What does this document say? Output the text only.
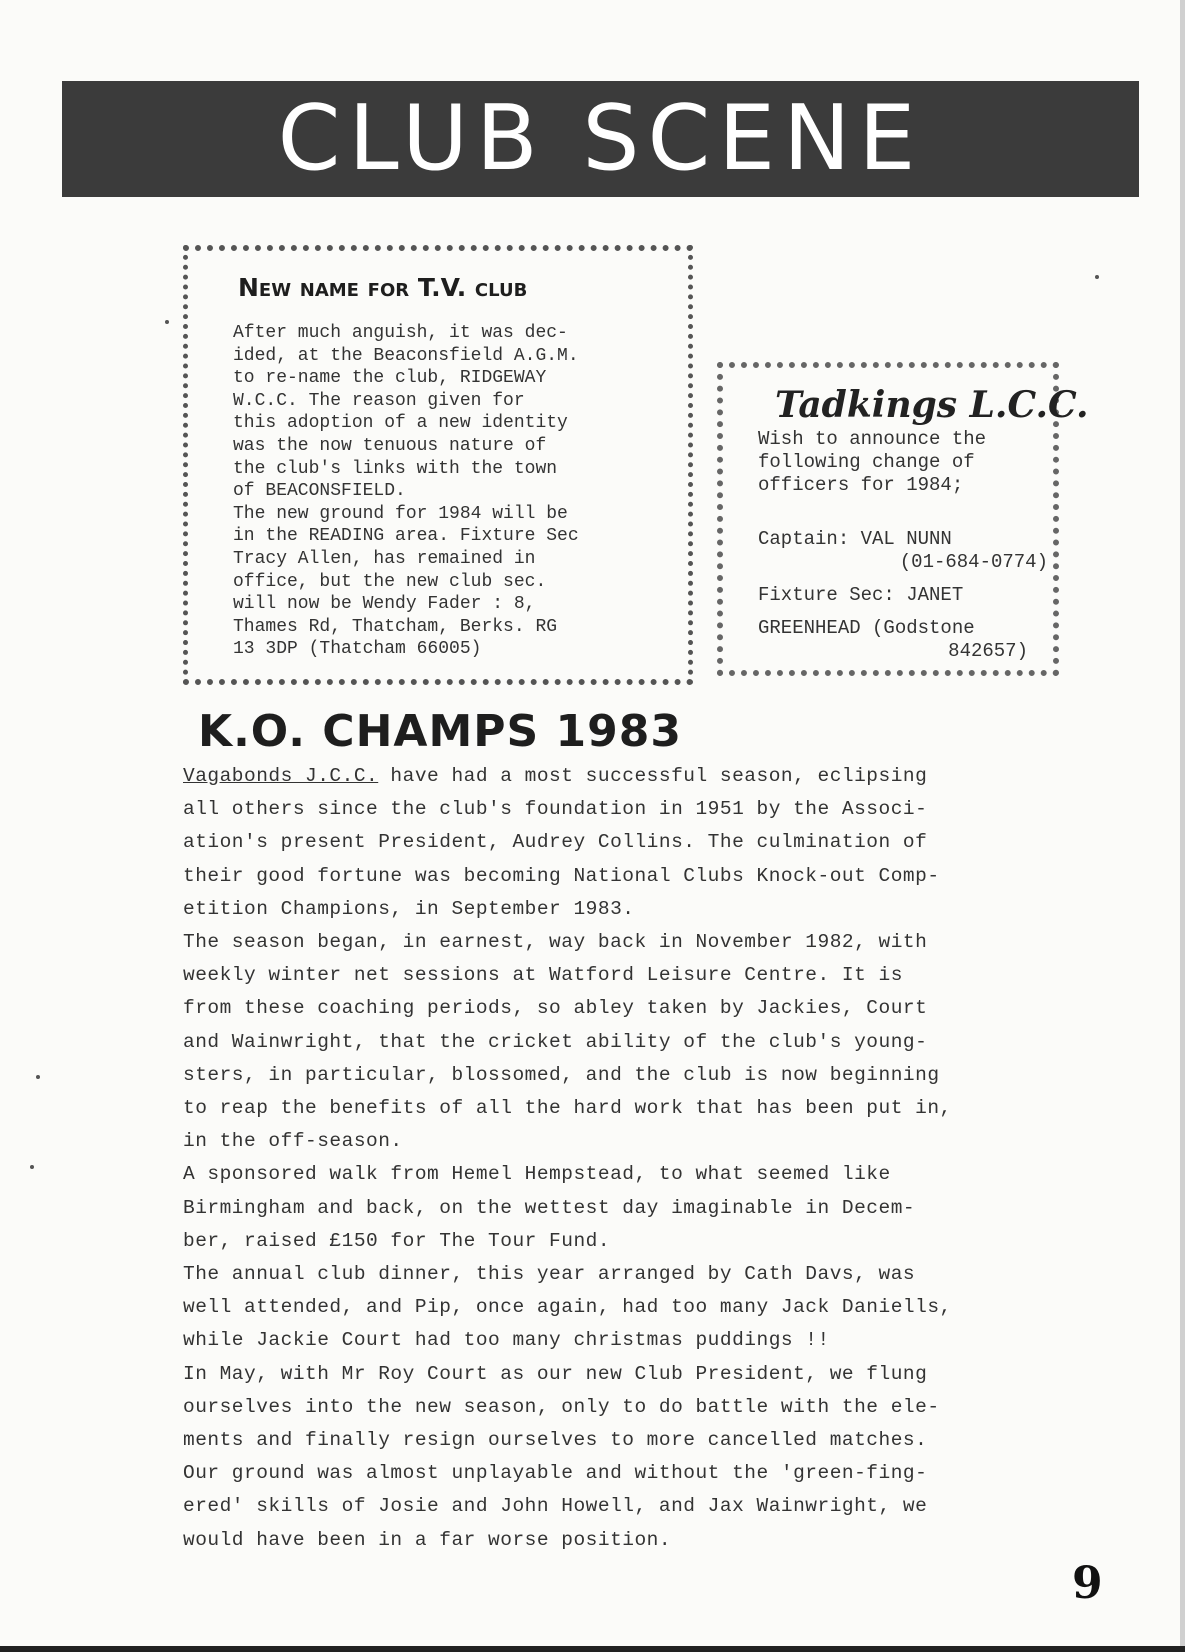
CLUB SCENE
New name for T.V. club
After much anguish, it was dec-
ided, at the Beaconsfield A.G.M.
to re-name the club, RIDGEWAY
W.C.C. The reason given for
this adoption of a new identity
was the now tenuous nature of
the club's links with the town
of BEACONSFIELD.
The new ground for 1984 will be
in the READING area. Fixture Sec
Tracy Allen, has remained in
office, but the new club sec.
will now be Wendy Fader : 8,
Thames Rd, Thatcham, Berks. RG
13 3DP (Thatcham 66005)
Tadkings L.C.C.
Wish to announce the
following change of
officers for 1984;
Captain: VAL NUNN
(01-684-0774)
Fixture Sec: JANET
GREENHEAD (Godstone
842657)
K.O. CHAMPS 1983
Vagabonds J.C.C. have had a most successful season, eclipsing
all others since the club's foundation in 1951 by the Associ-
ation's present President, Audrey Collins. The culmination of
their good fortune was becoming National Clubs Knock-out Comp-
etition Champions, in September 1983.
The season began, in earnest, way back in November 1982, with
weekly winter net sessions at Watford Leisure Centre. It is
from these coaching periods, so abley taken by Jackies, Court
and Wainwright, that the cricket ability of the club's young-
sters, in particular, blossomed, and the club is now beginning
to reap the benefits of all the hard work that has been put in,
in the off-season.
A sponsored walk from Hemel Hempstead, to what seemed like
Birmingham and back, on the wettest day imaginable in Decem-
ber, raised £150 for The Tour Fund.
The annual club dinner, this year arranged by Cath Davs, was
well attended, and Pip, once again, had too many Jack Daniells,
while Jackie Court had too many christmas puddings !!
In May, with Mr Roy Court as our new Club President, we flung
ourselves into the new season, only to do battle with the ele-
ments and finally resign ourselves to more cancelled matches.
Our ground was almost unplayable and without the 'green-fing-
ered' skills of Josie and John Howell, and Jax Wainwright, we
would have been in a far worse position.
9
